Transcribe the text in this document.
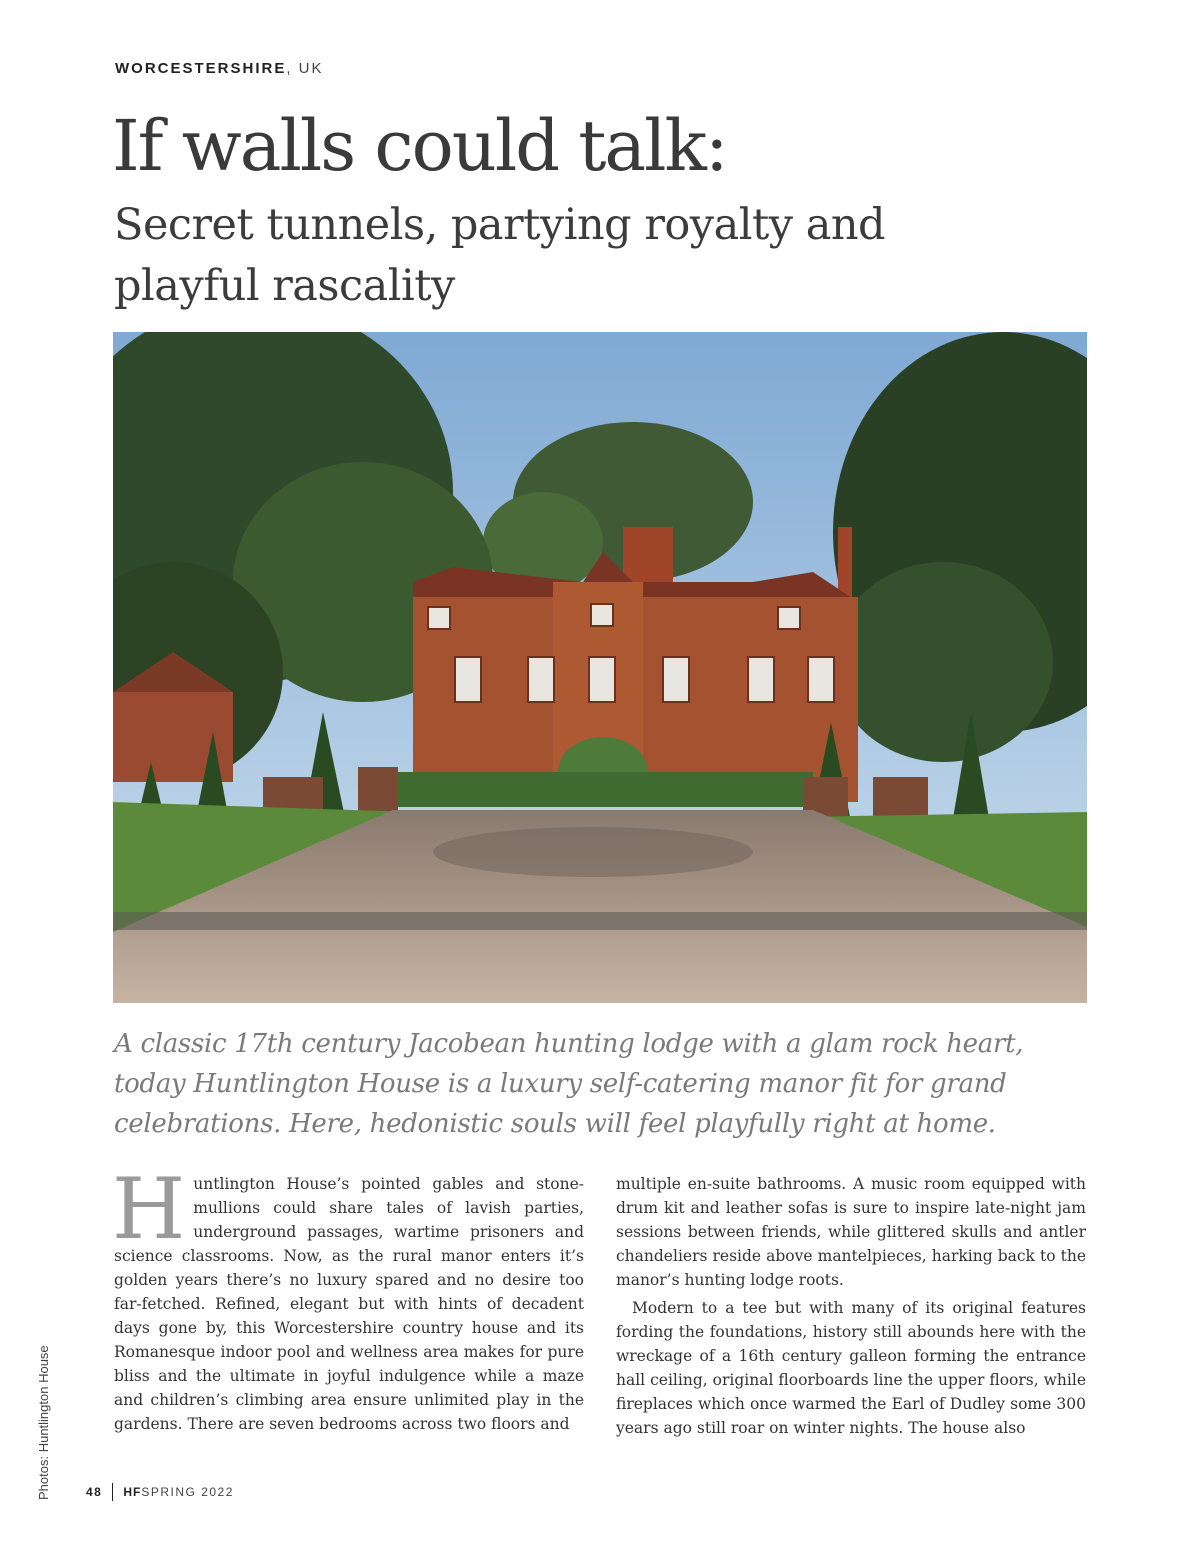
WORCESTERSHIRE, UK
If walls could talk:
Secret tunnels, partying royalty and playful rascality

A classic 17th century Jacobean hunting lodge with a glam rock heart, today Huntlington House is a luxury self-catering manor fit for grand celebrations. Here, hedonistic souls will feel playfully right at home.

Huntlington House’s pointed gables and stone-mullions could share tales of lavish parties, underground passages, wartime prisoners and science classrooms. Now, as the rural manor enters it’s golden years there’s no luxury spared and no desire too far-fetched. Refined, elegant but with hints of decadent days gone by, this Worcestershire country house and its Romanesque indoor pool and wellness area makes for pure bliss and the ultimate in joyful indulgence while a maze and children’s climbing area ensure unlimited play in the gardens. There are seven bedrooms across two floors and

multiple en-suite bathrooms. A music room equipped with drum kit and leather sofas is sure to inspire late-night jam sessions between friends, while glittered skulls and antler chandeliers reside above mantelpieces, harking back to the manor’s hunting lodge roots.

Modern to a tee but with many of its original features fording the foundations, history still abounds here with the wreckage of a 16th century galleon forming the entrance hall ceiling, original floorboards line the upper floors, while fireplaces which once warmed the Earl of Dudley some 300 years ago still roar on winter nights. The house also

Photos: Huntlington House	48 HF SPRING 2022
